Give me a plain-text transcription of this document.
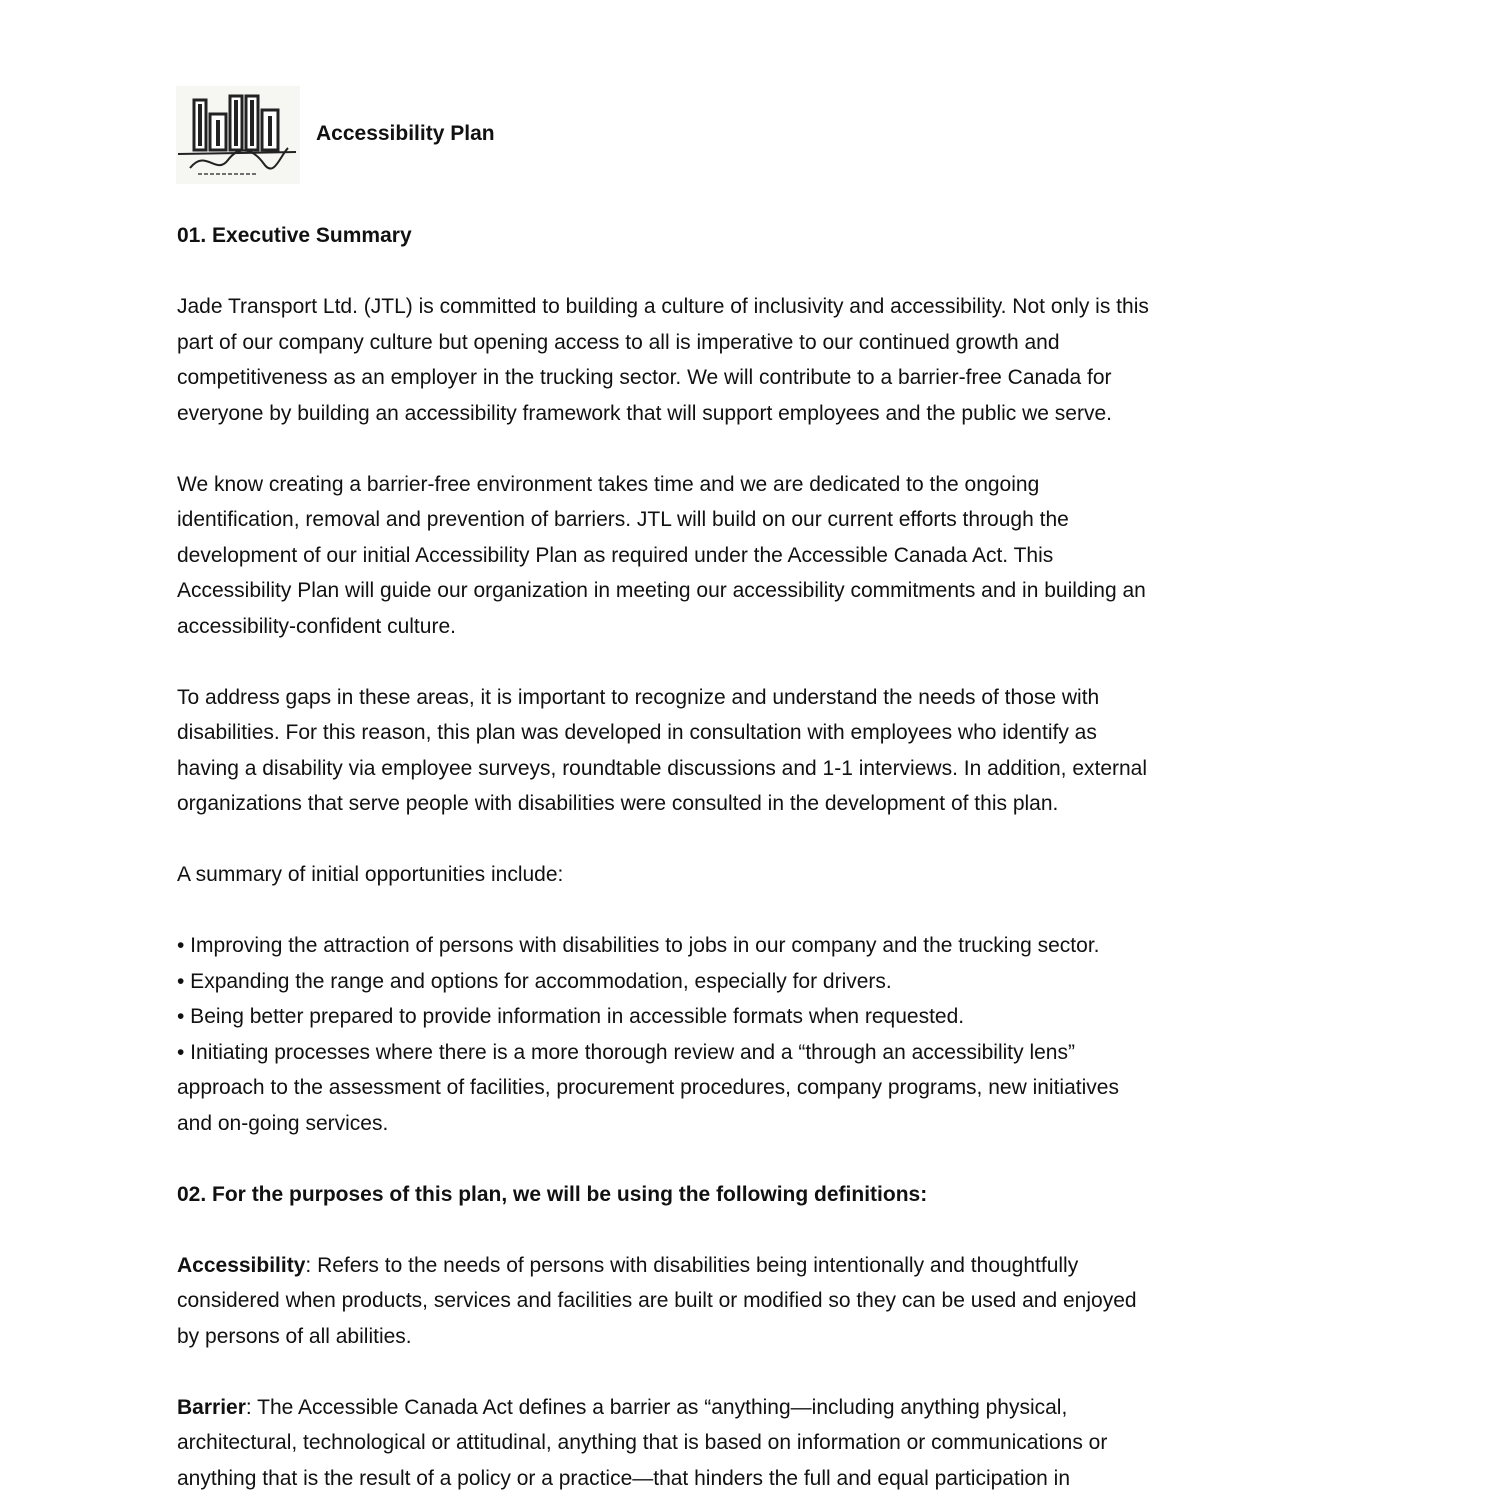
Accessibility Plan
01. Executive Summary
Jade Transport Ltd. (JTL) is committed to building a culture of inclusivity and accessibility. Not only is this
part of our company culture but opening access to all is imperative to our continued growth and
competitiveness as an employer in the trucking sector. We will contribute to a barrier-free Canada for
everyone by building an accessibility framework that will support employees and the public we serve.
We know creating a barrier-free environment takes time and we are dedicated to the ongoing
identification, removal and prevention of barriers. JTL will build on our current efforts through the
development of our initial Accessibility Plan as required under the Accessible Canada Act. This
Accessibility Plan will guide our organization in meeting our accessibility commitments and in building an
accessibility-confident culture.
To address gaps in these areas, it is important to recognize and understand the needs of those with
disabilities. For this reason, this plan was developed in consultation with employees who identify as
having a disability via employee surveys, roundtable discussions and 1-1 interviews. In addition, external
organizations that serve people with disabilities were consulted in the development of this plan.
A summary of initial opportunities include:
• Improving the attraction of persons with disabilities to jobs in our company and the trucking sector.
• Expanding the range and options for accommodation, especially for drivers.
• Being better prepared to provide information in accessible formats when requested.
• Initiating processes where there is a more thorough review and a “through an accessibility lens”
approach to the assessment of facilities, procurement procedures, company programs, new initiatives
and on-going services.
02. For the purposes of this plan, we will be using the following definitions:
Accessibility: Refers to the needs of persons with disabilities being intentionally and thoughtfully
considered when products, services and facilities are built or modified so they can be used and enjoyed
by persons of all abilities.
Barrier: The Accessible Canada Act defines a barrier as “anything—including anything physical,
architectural, technological or attitudinal, anything that is based on information or communications or
anything that is the result of a policy or a practice—that hinders the full and equal participation in
